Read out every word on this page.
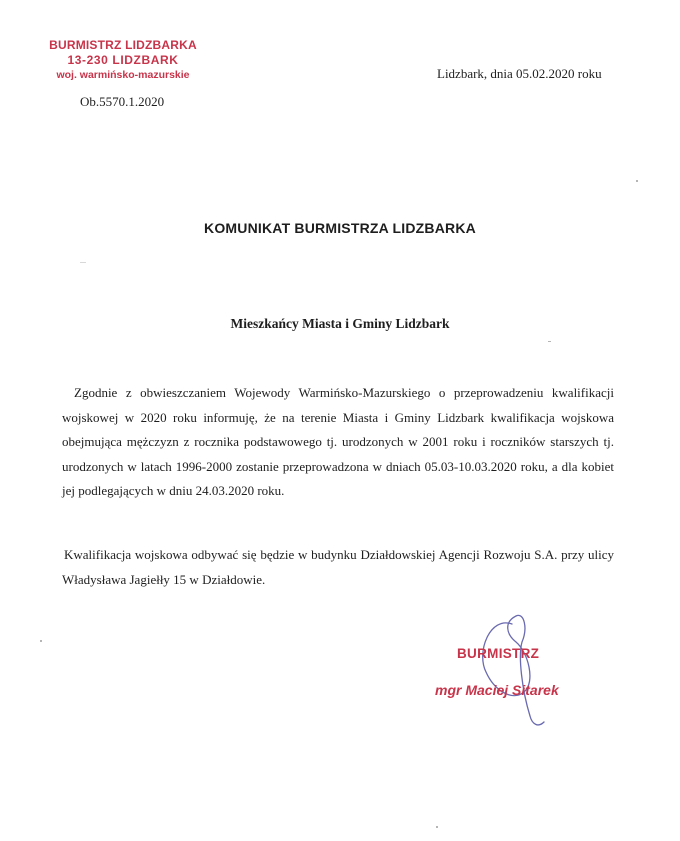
BURMISTRZ LIDZBARKA
13-230 LIDZBARK
woj. warmińsko-mazurskie
Ob.5570.1.2020
Lidzbark, dnia 05.02.2020 roku
KOMUNIKAT BURMISTRZA LIDZBARKA
Mieszkańcy Miasta i Gminy Lidzbark

Zgodnie z obwieszczaniem Wojewody Warmińsko-Mazurskiego o przeprowadzeniu kwalifikacji wojskowej w 2020 roku informuję, że na terenie Miasta i Gminy Lidzbark kwalifikacja wojskowa obejmująca mężczyzn z rocznika podstawowego tj. urodzonych w 2001 roku i roczników starszych tj. urodzonych w latach 1996-2000 zostanie przeprowadzona w dniach 05.03-10.03.2020 roku, a dla kobiet jej podlegających w dniu 24.03.2020 roku.

Kwalifikacja wojskowa odbywać się będzie w budynku Działdowskiej Agencji Rozwoju S.A. przy ulicy Władysława Jagiełły 15 w Działdowie.

BURMISTRZ
mgr Maciej Sitarek
